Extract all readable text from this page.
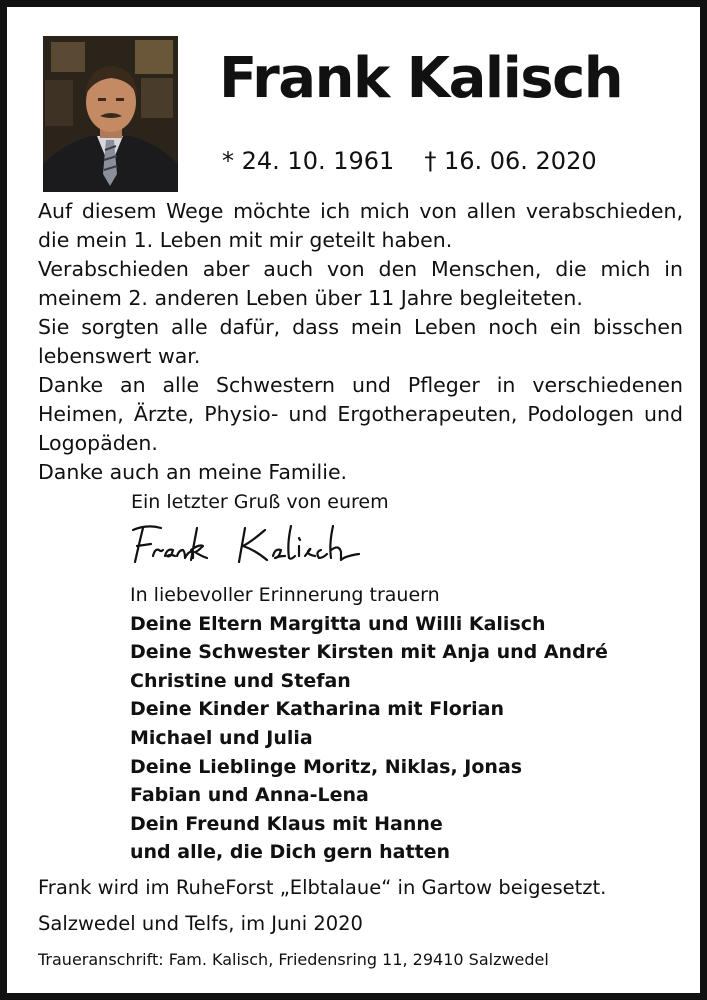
Frank Kalisch
* 24. 10. 1961 † 16. 06. 2020

Auf diesem Wege möchte ich mich von allen verabschieden, die mein 1. Leben mit mir geteilt haben.

Verabschieden aber auch von den Menschen, die mich in meinem 2. anderen Leben über 11 Jahre begleiteten.

Sie sorgten alle dafür, dass mein Leben noch ein bisschen lebenswert war.

Danke an alle Schwestern und Pfleger in verschiedenen Heimen, Ärzte, Physio- und Ergotherapeuten, Podologen und Logopäden.

Danke auch an meine Familie.

Ein letzter Gruß von eurem
In liebevoller Erinnerung trauern
Deine Eltern Margitta und Willi Kalisch
Deine Schwester Kirsten mit Anja und André
Christine und Stefan
Deine Kinder Katharina mit Florian
Michael und Julia
Deine Lieblinge Moritz, Niklas, Jonas
Fabian und Anna-Lena
Dein Freund Klaus mit Hanne
und alle, die Dich gern hatten
Frank wird im RuheForst „Elbtalaue“ in Gartow beigesetzt.
Salzwedel und Telfs, im Juni 2020
Traueranschrift: Fam. Kalisch, Friedensring 11, 29410 Salzwedel
